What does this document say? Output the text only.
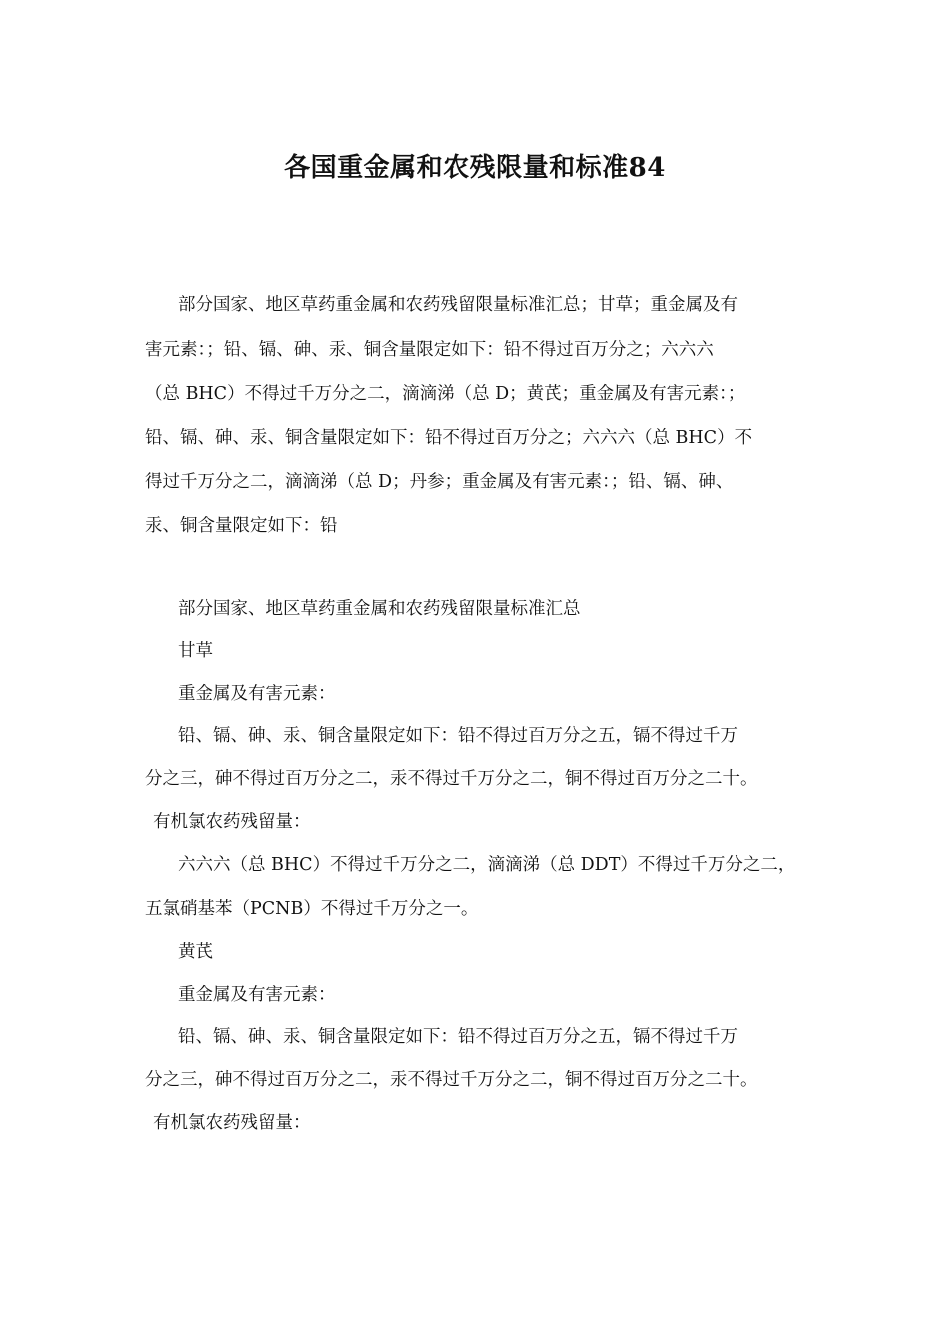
各国重金属和农残限量和标准84
部分国家、地区草药重金属和农药残留限量标准汇总；甘草；重金属及有
害元素：；铅、镉、砷、汞、铜含量限定如下：铅不得过百万分之；六六六
（总 BHC）不得过千万分之二，滴滴涕（总 D；黄芪；重金属及有害元素：；
铅、镉、砷、汞、铜含量限定如下：铅不得过百万分之；六六六（总 BHC）不
得过千万分之二，滴滴涕（总 D；丹参；重金属及有害元素：；铅、镉、砷、
汞、铜含量限定如下：铅
部分国家、地区草药重金属和农药残留限量标准汇总
甘草
重金属及有害元素：
铅、镉、砷、汞、铜含量限定如下：铅不得过百万分之五，镉不得过千万
分之三，砷不得过百万分之二，汞不得过千万分之二，铜不得过百万分之二十。
有机氯农药残留量：
六六六（总 BHC）不得过千万分之二，滴滴涕（总 DDT）不得过千万分之二，
五氯硝基苯（PCNB）不得过千万分之一。
黄芪
重金属及有害元素：
铅、镉、砷、汞、铜含量限定如下：铅不得过百万分之五，镉不得过千万
分之三，砷不得过百万分之二，汞不得过千万分之二，铜不得过百万分之二十。
有机氯农药残留量：
